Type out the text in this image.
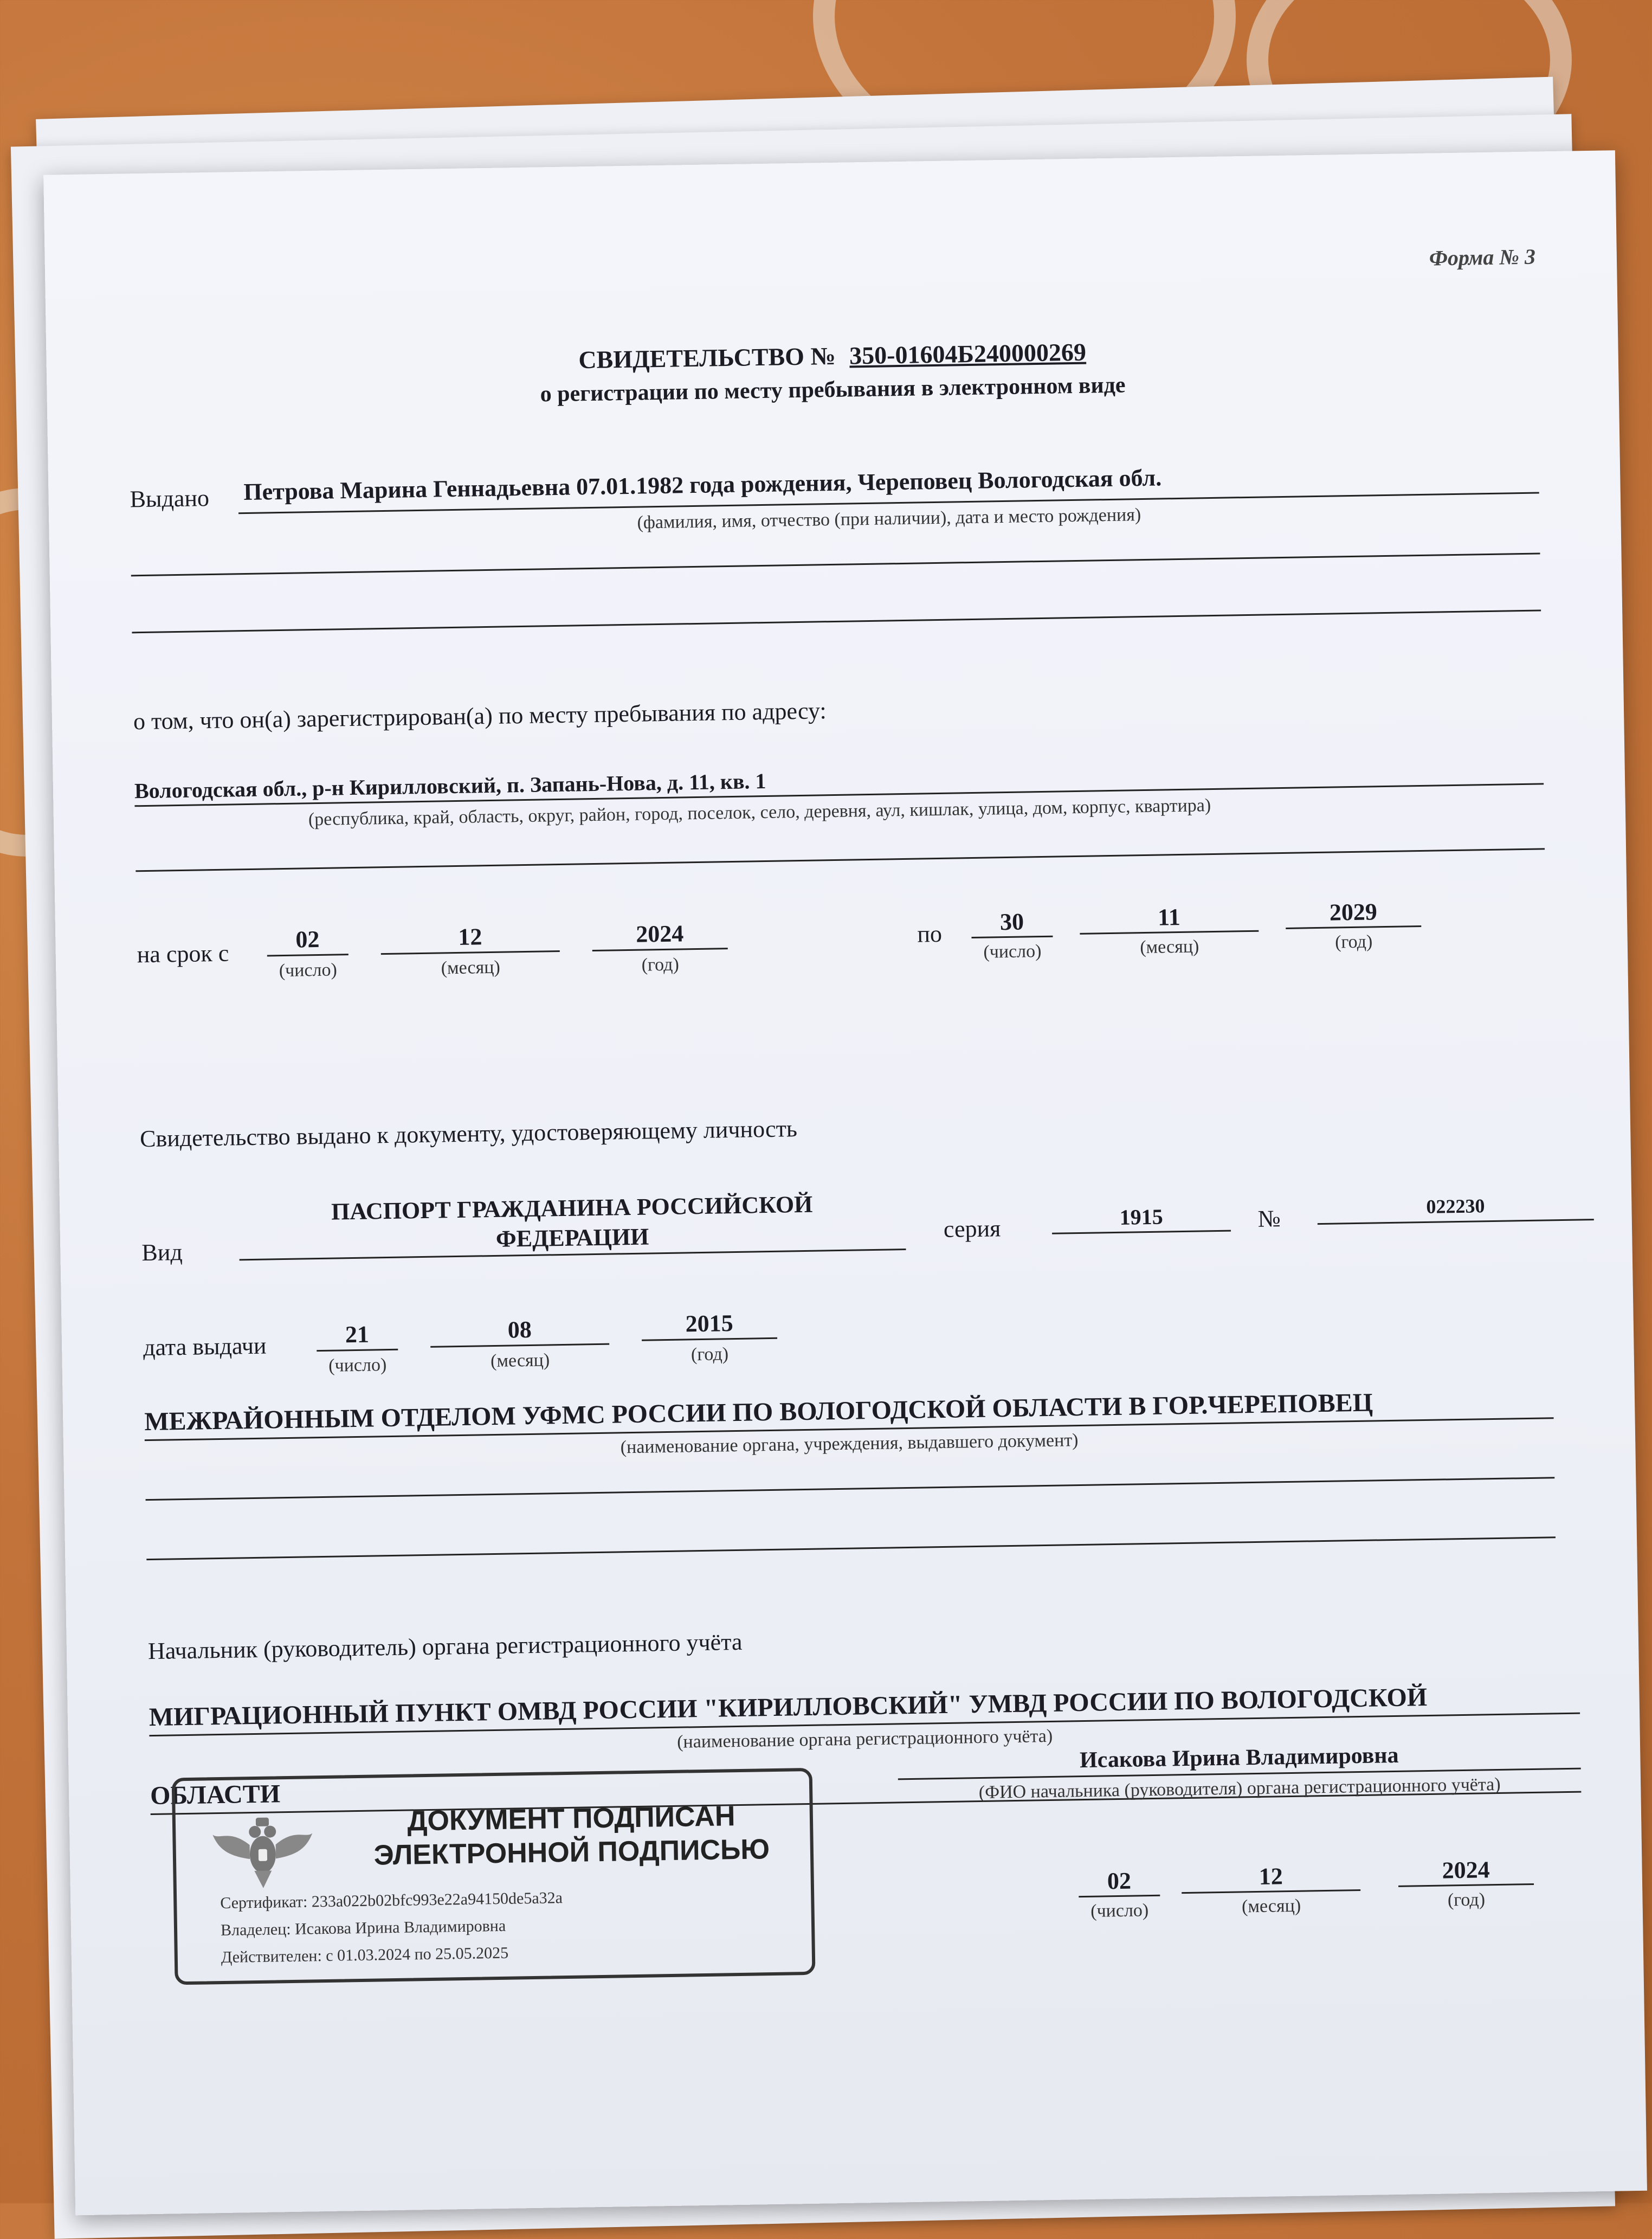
Форма № 3
СВИДЕТЕЛЬСТВО № 350-01604Б240000269
о регистрации по месту пребывания в электронном виде
Выдано Петрова Марина Геннадьевна 07.01.1982 года рождения, Череповец Вологодская обл.
(фамилия, имя, отчество (при наличии), дата и место рождения)
о том, что он(а) зарегистрирован(а) по месту пребывания по адресу:
Вологодская обл., р-н Кирилловский, п. Запань-Нова, д. 11, кв. 1
(республика, край, область, округ, район, город, поселок, село, деревня, аул, кишлак, улица, дом, корпус, квартира)
на срок с
02
(число)
12
(месяц)
2024
(год)
по	30
(число)
11
(месяц)
2029
(год)
Свидетельство выдано к документу, удостоверяющему личность
Вид
ПАСПОРТ ГРАЖДАНИНА РОССИЙСКОЙ
ФЕДЕРАЦИИ	серия	1915	№	022230
дата выдачи	21
(число)
08
(месяц)
2015
(год)
МЕЖРАЙОННЫМ ОТДЕЛОМ УФМС РОССИИ ПО ВОЛОГОДСКОЙ ОБЛАСТИ В ГОР.ЧЕРЕПОВЕЦ
(наименование органа, учреждения, выдавшего документ)
Начальник (руководитель) органа регистрационного учёта
МИГРАЦИОННЫЙ ПУНКТ ОМВД РОССИИ "КИРИЛЛОВСКИЙ" УМВД РОССИИ ПО ВОЛОГОДСКОЙ
(наименование органа регистрационного учёта)
ОБЛАСТИ
ДОКУМЕНТ ПОДПИСАН
ЭЛЕКТРОННОЙ ПОДПИСЬЮ
Сертификат: 233a022b02bfc993e22a94150de5a32a
Владелец: Исакова Ирина Владимировна
Действителен: с 01.03.2024 по 25.05.2025
Исакова Ирина Владимировна
(ФИО начальника (руководителя) органа регистрационного учёта)
02
(число)
12
(месяц)
2024
(год)
